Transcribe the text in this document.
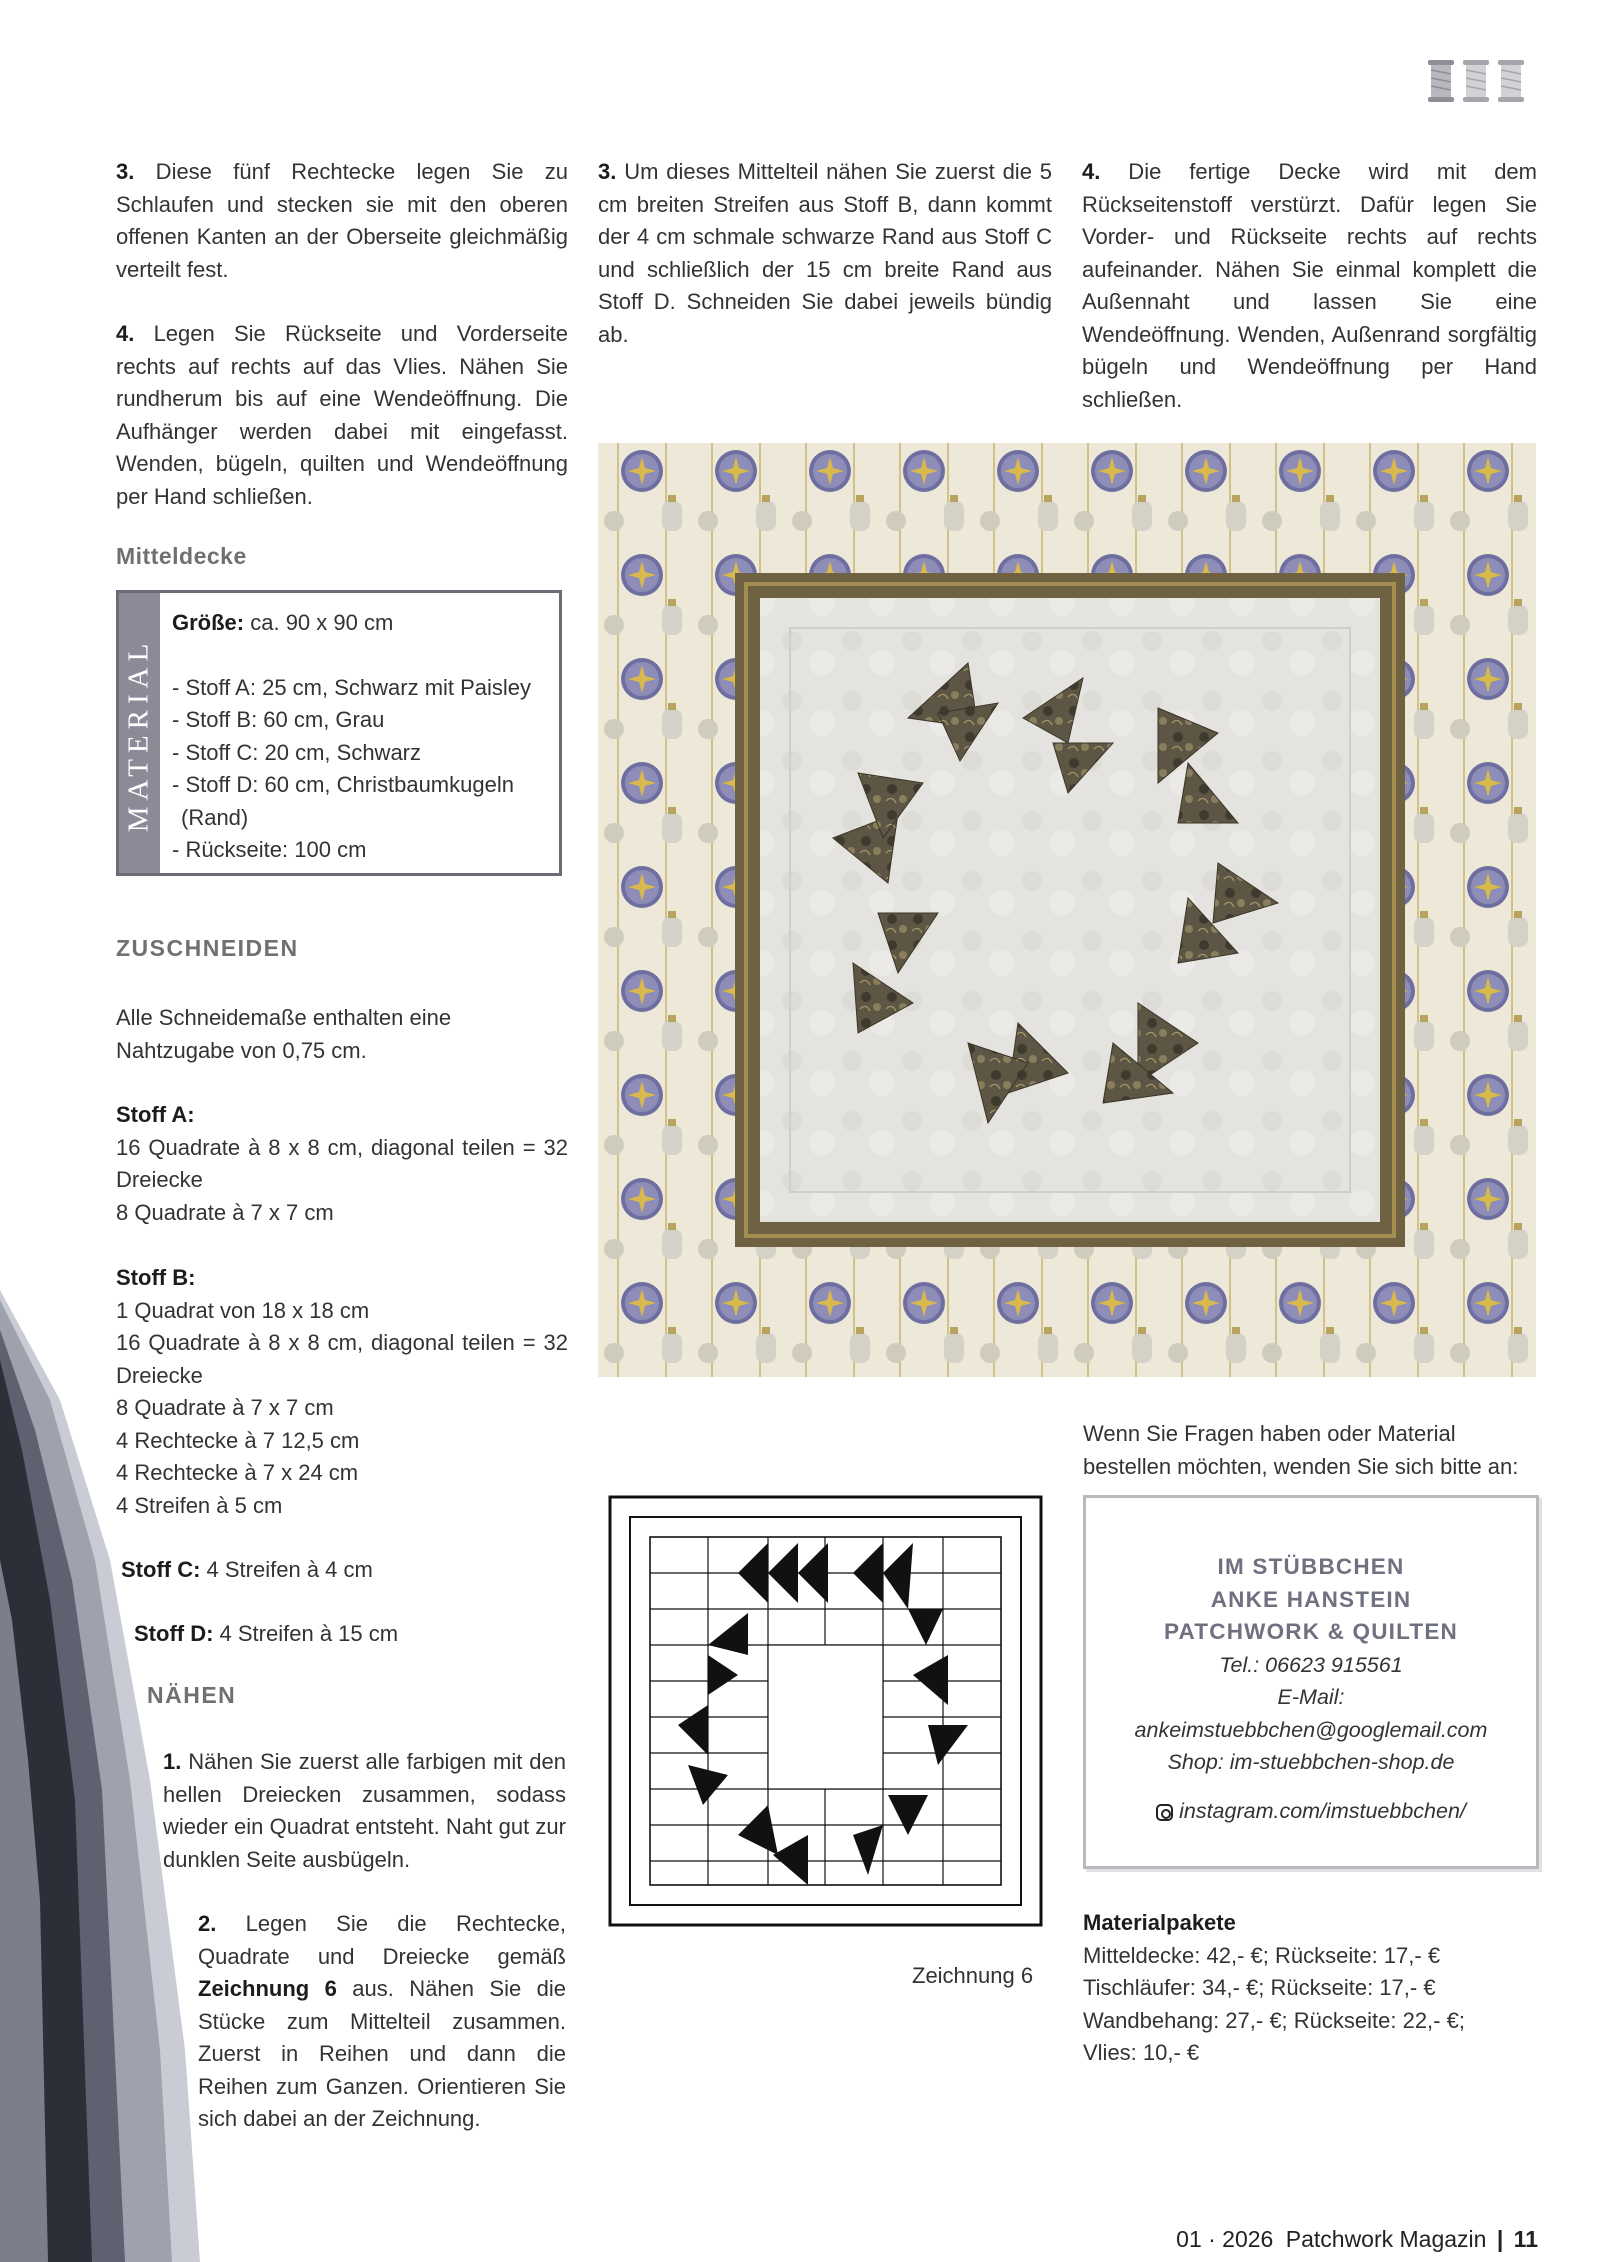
3. Diese fünf Rechtecke legen Sie zu Schlaufen und stecken sie mit den oberen offenen Kanten an der Oberseite gleichmäßig verteilt fest.

4. Legen Sie Rückseite und Vorderseite rechts auf rechts auf das Vlies. Nähen Sie rundherum bis auf eine Wendeöffnung. Die Aufhänger werden dabei mit eingefasst. Wenden, bügeln, quilten und Wendeöffnung per Hand schließen.

Mitteldecke
MATERIAL

Größe: ca. 90 x 90 cm

- Stoff A: 25 cm, Schwarz mit Paisley

- Stoff B: 60 cm, Grau

- Stoff C: 20 cm, Schwarz

- Stoff D: 60 cm, Christbaumkugeln (Rand)

- Rückseite: 100 cm

ZUSCHNEIDEN

Alle Schneidemaße enthalten eine Nahtzugabe von 0,75 cm.

Stoff A:

16 Quadrate à 8 x 8 cm, diagonal teilen = 32 Dreiecke

8 Quadrate à 7 x 7 cm

Stoff B:

1 Quadrat von 18 x 18 cm

16 Quadrate à 8 x 8 cm, diagonal teilen = 32 Dreiecke

8 Quadrate à 7 x 7 cm

4 Rechtecke à 7 12,5 cm

4 Rechtecke à 7 x 24 cm

4 Streifen à 5 cm

Stoff C: 4 Streifen à 4 cm

Stoff D: 4 Streifen à 15 cm

NÄHEN

1. Nähen Sie zuerst alle farbigen mit den hellen Dreiecken zusammen, sodass wieder ein Quadrat entsteht. Naht gut zur dunklen Seite ausbügeln.

2. Legen Sie die Rechtecke, Quadrate und Dreiecke gemäß Zeichnung 6 aus. Nähen Sie die Stücke zum Mittelteil zusammen. Zuerst in Reihen und dann die Reihen zum Ganzen. Orientieren Sie sich dabei an der Zeichnung.

3. Um dieses Mittelteil nähen Sie zuerst die 5 cm breiten Streifen aus Stoff B, dann kommt der 4 cm schmale schwarze Rand aus Stoff C und schließlich der 15 cm breite Rand aus Stoff D. Schneiden Sie dabei jeweils bündig ab.

4. Die fertige Decke wird mit dem Rückseitenstoff verstürzt. Dafür legen Sie Vorder- und Rückseite rechts auf rechts aufeinander. Nähen Sie einmal komplett die Außennaht und lassen Sie eine Wendeöffnung. Wenden, Außenrand sorgfältig bügeln und Wendeöffnung per Hand schließen.

Zeichnung 6

Wenn Sie Fragen haben oder Material bestellen möchten, wenden Sie sich bitte an:

IM STÜBBCHEN

ANKE HANSTEIN

PATCHWORK & QUILTEN

Tel.: 06623 915561

E-Mail:

ankeimstuebbchen@googlemail.com

Shop: im-stuebbchen-shop.de

instagram.com/imstuebbchen/

Materialpakete

Mitteldecke: 42,- €; Rückseite: 17,- €

Tischläufer: 34,- €; Rückseite: 17,- €

Wandbehang: 27,- €; Rückseite: 22,- €;

Vlies: 10,- €

01 · 2026 Patchwork Magazin | 11
